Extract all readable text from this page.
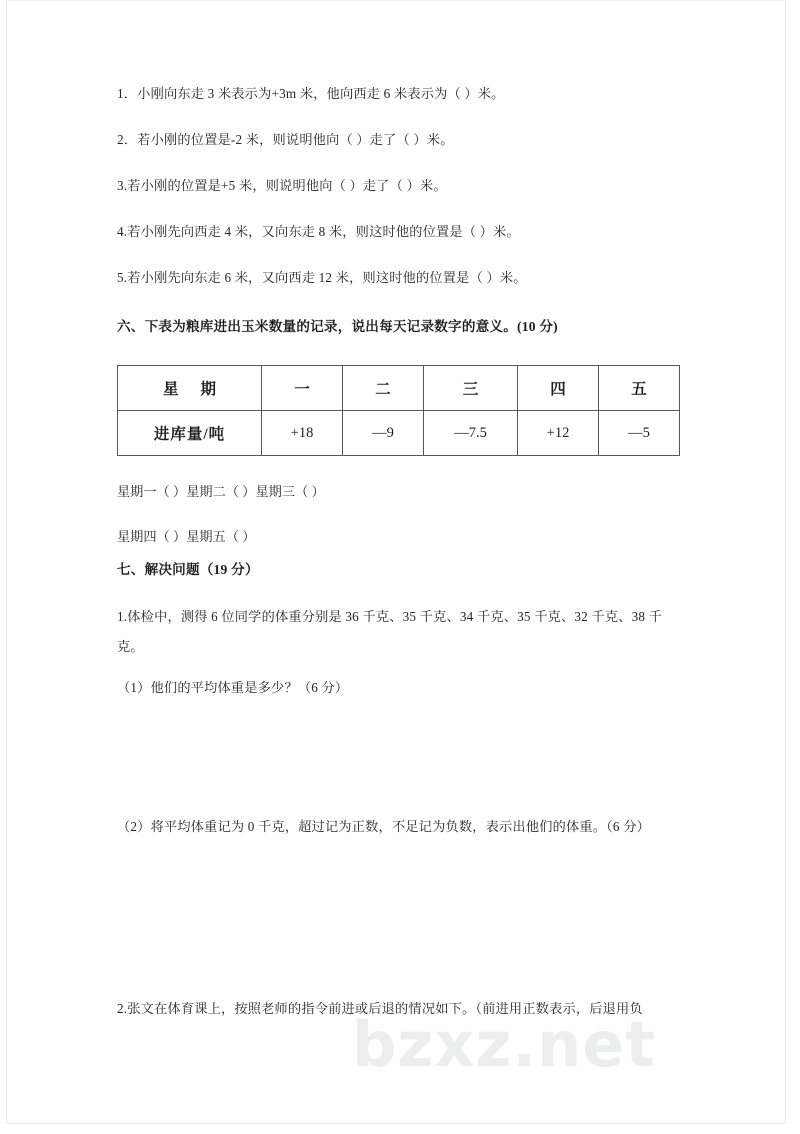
1．小刚向东走 3 米表示为+3m 米，他向西走 6 米表示为（ ）米。
2．若小刚的位置是-2 米，则说明他向（ ）走了（ ）米。
3.若小刚的位置是+5 米，则说明他向（ ）走了（ ）米。
4.若小刚先向西走 4 米，又向东走 8 米，则这时他的位置是（ ）米。
5.若小刚先向东走 6 米，又向西走 12 米，则这时他的位置是（ ）米。
六、下表为粮库进出玉米数量的记录，说出每天记录数字的意义。(10 分)
星 期	一	二	三	四	五
进库量/吨	+18	—9	—7.5	+12	—5
星期一（ ）星期二（ ）星期三（ ）
星期四（ ）星期五（ ）
七、解决问题（19 分）
1.体检中，测得 6 位同学的体重分别是 36 千克、35 千克、34 千克、35 千克、32 千克、38 千克。
（1）他们的平均体重是多少？（6 分）
（2）将平均体重记为 0 千克，超过记为正数，不足记为负数，表示出他们的体重。（6 分）
2.张文在体育课上，按照老师的指令前进或后退的情况如下。（前进用正数表示，后退用负
bzxz.net
